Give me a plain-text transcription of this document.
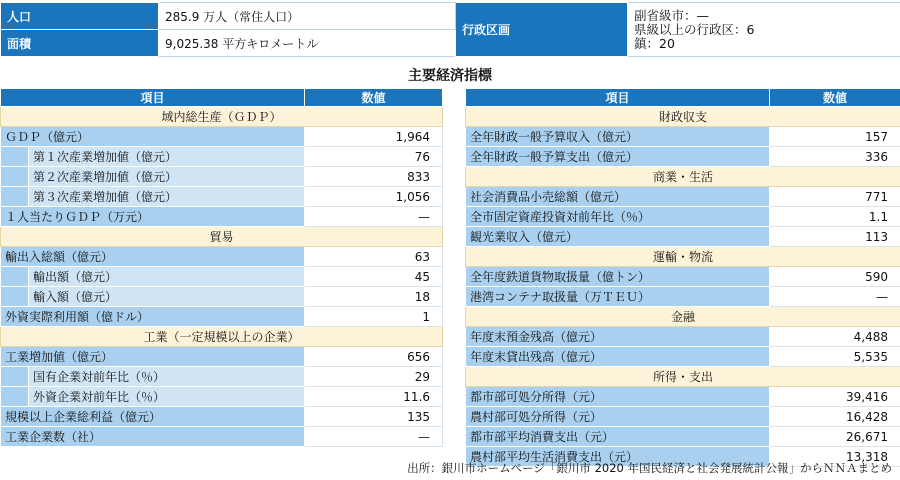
人口	285.9 万人（常住人口）	行政区画	副省級市：—
県級以上の行政区：6
鎮：20

面積	9,025.38 平方キロメートル		
主要経済指標
項目		数値
域内総生産（ＧＤＰ）		
ＧＤＰ（億元）		1,964
	第１次産業増加値（億元）	76
	第２次産業増加値（億元）	833
	第３次産業増加値（億元）	1,056
１人当たりＧＤＰ（万元）		—
貿易		
輸出入総額（億元）		63
	輸出額（億元）	45
	輸入額（億元）	18
外資実際利用額（億ドル）		1
工業（一定規模以上の企業）		
工業増加値（億元）		656
	国有企業対前年比（％）	29
	外資企業対前年比（％）	11.6
規模以上企業総利益（億元）		135
工業企業数（社）		—
項目	数値
財政収支	
全年財政一般予算収入（億元）	157
全年財政一般予算支出（億元）	336
商業・生活	
社会消費品小売総額（億元）	771
全市固定資産投資対前年比（％）	1.1
観光業収入（億元）	113
運輸・物流	
全年度鉄道貨物取扱量（億トン）	590
港湾コンテナ取扱量（万ＴＥＵ）	—
金融	
年度末預金残高（億元）	4,488
年度末貸出残高（億元）	5,535
所得・支出	
都市部可処分所得（元）	39,416
農村部可処分所得（元）	16,428
都市部平均消費支出（元）	26,671
農村部平均生活消費支出（元）	13,318
出所：銀川市ホームページ「銀川市 2020 年国民経済と社会発展統計公報」からＮＮＡまとめ
